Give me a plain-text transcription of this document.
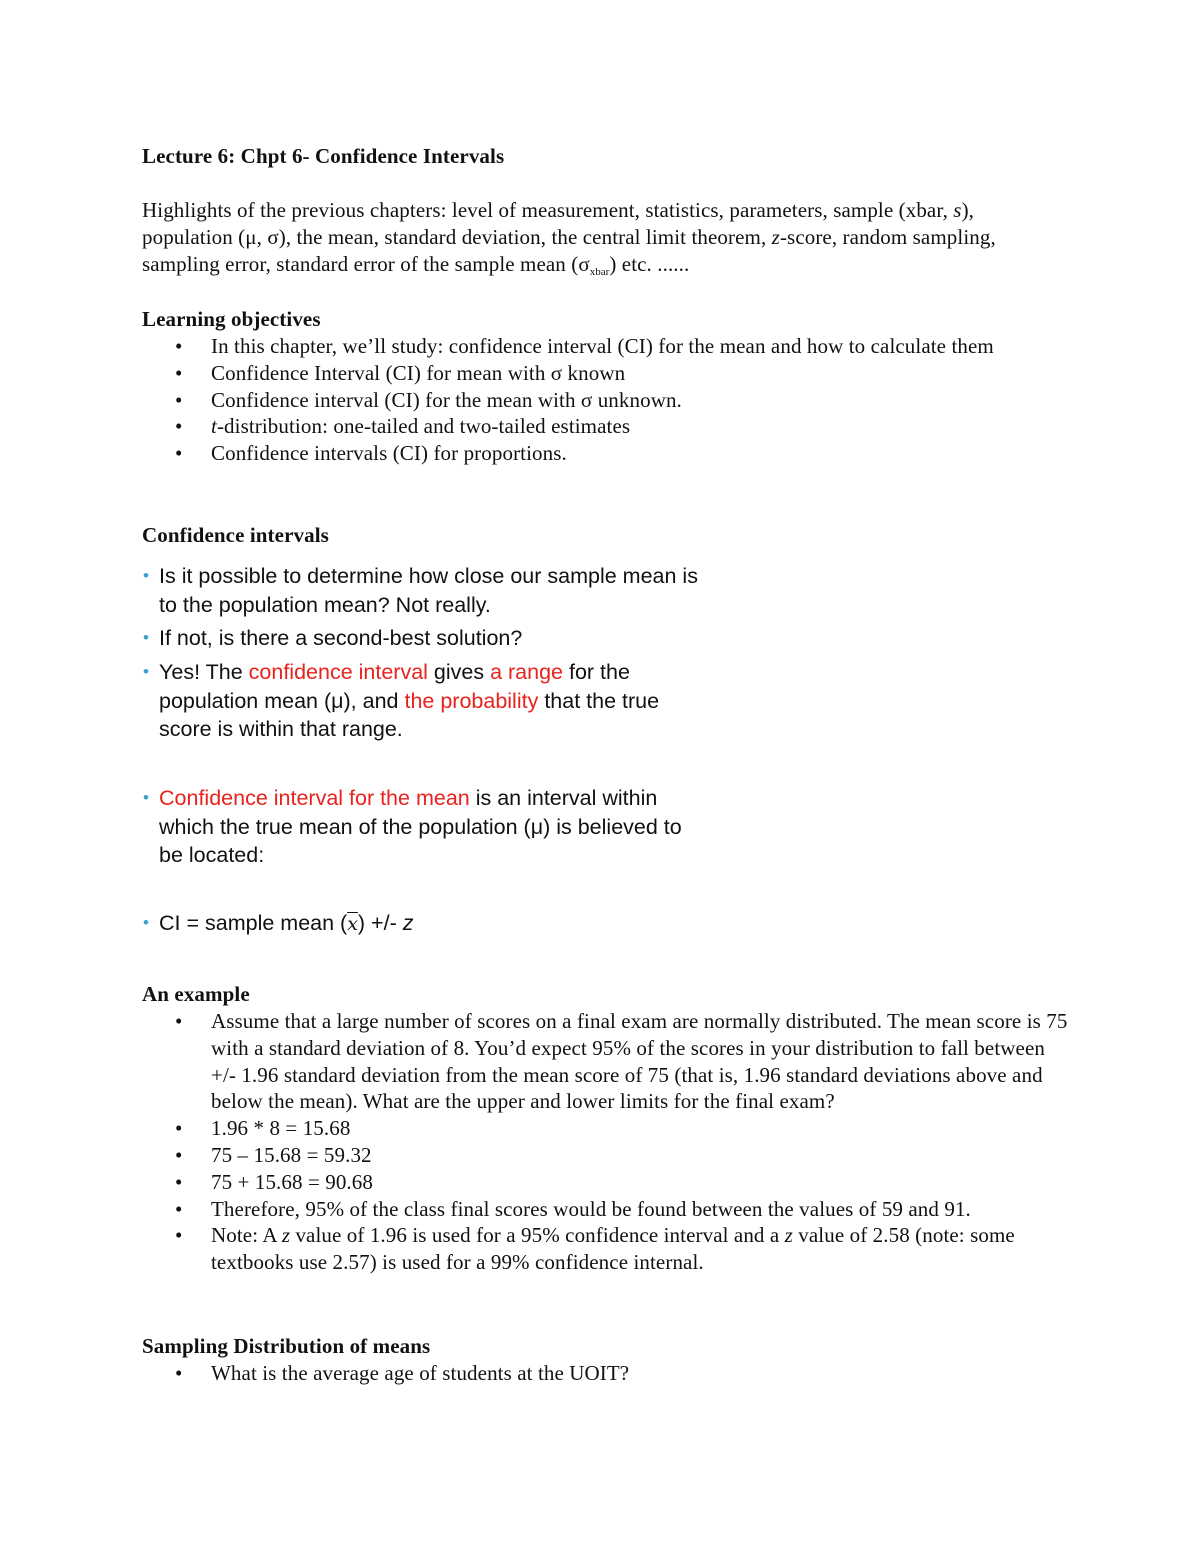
Lecture 6: Chpt 6- Confidence Intervals

Highlights of the previous chapters: level of measurement, statistics, parameters, sample (xbar, s), population (μ, σ), the mean, standard deviation, the central limit theorem, z-score, random sampling, sampling error, standard error of the sample mean $(\sigma_{xbar})$ etc. ......

Learning objectives

• In this chapter, we’ll study: confidence interval (CI) for the mean and how to calculate them
• Confidence Interval (CI) for mean with σ known
• Confidence interval (CI) for the mean with σ unknown.
• t-distribution: one-tailed and two-tailed estimates
• Confidence intervals (CI) for proportions.

Confidence intervals

• Is it possible to determine how close our sample mean is to the population mean? Not really.
• If not, is there a second-best solution?
• Yes! The confidence interval gives a range for the population mean (μ), and the probability that the true score is within that range.
• Confidence interval for the mean is an interval within which the true mean of the population (μ) is believed to be located:
• CI = sample mean $(\overline{x})$ +/- z

An example

• Assume that a large number of scores on a final exam are normally distributed. The mean score is 75 with a standard deviation of 8. You’d expect 95% of the scores in your distribution to fall between +/- 1.96 standard deviation from the mean score of 75 (that is, 1.96 standard deviations above and below the mean). What are the upper and lower limits for the final exam?
• 1.96 * 8 = 15.68
• 75 – 15.68 = 59.32
• 75 + 15.68 = 90.68
• Therefore, 95% of the class final scores would be found between the values of 59 and 91.
• Note: A z value of 1.96 is used for a 95% confidence interval and a z value of 2.58 (note: some textbooks use 2.57) is used for a 99% confidence internal.

Sampling Distribution of means

• What is the average age of students at the UOIT?
